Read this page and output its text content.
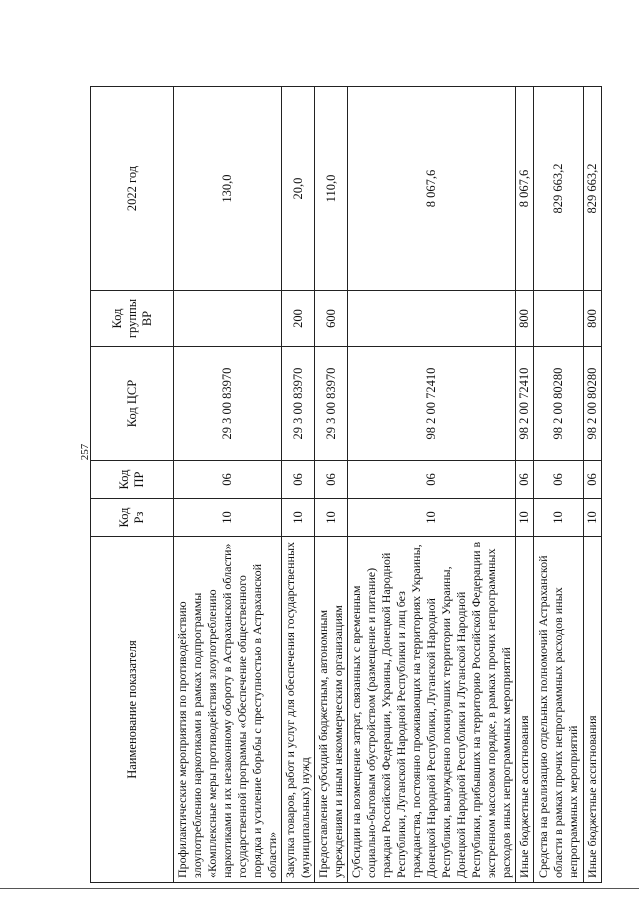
257
Наименование показателя	Код Рз	Код ПР	Код ЦСР	Код группы ВР	2022 год
Профилактические мероприятия по противодействию злоупотреблению наркотиками в рамках подпрограммы «Комплексные меры противодействия злоупотреблению наркотиками и их незаконному обороту в Астраханской области» государственной программы «Обеспечение общественного порядка и усиление борьбы с преступностью в Астраханской области»	10	06	29 3 00 83970		130,0
Закупка товаров, работ и услуг для обеспечения государственных (муниципальных) нужд	10	06	29 3 00 83970	200	20,0
Предоставление субсидий бюджетным, автономным учреждениям и иным некоммерческим организациям	10	06	29 3 00 83970	600	110,0
Субсидии на возмещение затрат, связанных с временным социально-бытовым обустройством (размещение и питание) граждан Российской Федерации, Украины, Донецкой Народной Республики, Луганской Народной Республики и лиц без гражданства, постоянно проживающих на территориях Украины, Донецкой Народной Республики, Луганской Народной Республики, вынужденно покинувших территории Украины, Донецкой Народной Республики и Луганской Народной Республики, прибывших на территорию Российской Федерации в экстренном массовом порядке, в рамках прочих непрограммных расходов иных непрограммных мероприятий	10	06	98 2 00 72410		8 067,6
Иные бюджетные ассигнования	10	06	98 2 00 72410	800	8 067,6
Средства на реализацию отдельных полномочий Астраханской области в рамках прочих непрограммных расходов иных непрограммных мероприятий	10	06	98 2 00 80280		829 663,2
Иные бюджетные ассигнования	10	06	98 2 00 80280	800	829 663,2
